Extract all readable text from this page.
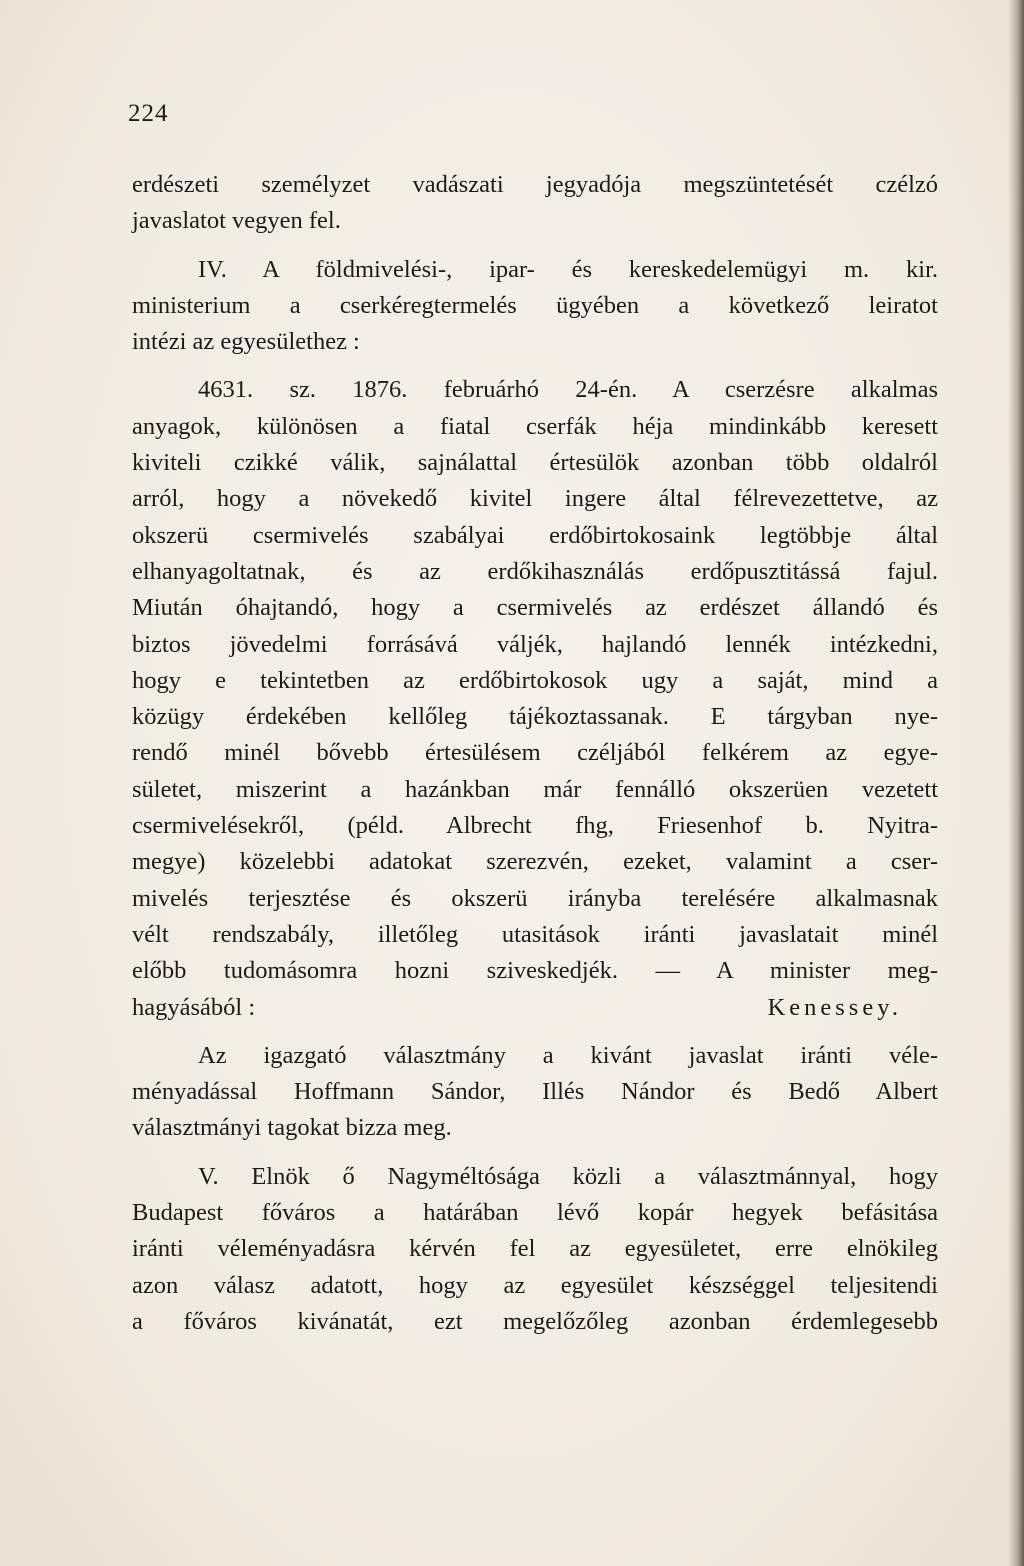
224
erdészeti személyzet vadászati jegyadója megszüntetését czélzó
javaslatot vegyen fel.
IV. A földmivelési-, ipar- és kereskedelemügyi m. kir.
ministerium a cserkéregtermelés ügyében a következő leiratot
intézi az egyesülethez :
4631. sz. 1876. februárhó 24-én. A cserzésre alkalmas
anyagok, különösen a fiatal cserfák héja mindinkább keresett
kiviteli czikké válik, sajnálattal értesülök azonban több oldalról
arról, hogy a növekedő kivitel ingere által félrevezettetve, az
okszerü csermivelés szabályai erdőbirtokosaink legtöbbje által
elhanyagoltatnak, és az erdőkihasználás erdőpusztitássá fajul.
Miután óhajtandó, hogy a csermivelés az erdészet állandó és
biztos jövedelmi forrásává váljék, hajlandó lennék intézkedni,
hogy e tekintetben az erdőbirtokosok ugy a saját, mind a
közügy érdekében kellőleg tájékoztassanak. E tárgyban nye-
rendő minél bővebb értesülésem czéljából felkérem az egye-
sületet, miszerint a hazánkban már fennálló okszerüen vezetett
csermivelésekről, (péld. Albrecht fhg, Friesenhof b. Nyitra-
megye) közelebbi adatokat szerezvén, ezeket, valamint a cser-
mivelés terjesztése és okszerü irányba terelésére alkalmasnak
vélt rendszabály, illetőleg utasitások iránti javaslatait minél
előbb tudomásomra hozni sziveskedjék. — A minister meg-
hagyásából :	Kenessey.
Az igazgató választmány a kivánt javaslat iránti véle-
ményadással Hoffmann Sándor, Illés Nándor és Bedő Albert
választmányi tagokat bizza meg.
V. Elnök ő Nagyméltósága közli a választmánnyal, hogy
Budapest főváros a határában lévő kopár hegyek befásitása
iránti véleményadásra kérvén fel az egyesületet, erre elnökileg
azon válasz adatott, hogy az egyesület készséggel teljesitendi
a főváros kivánatát, ezt megelőzőleg azonban érdemlegesebb
